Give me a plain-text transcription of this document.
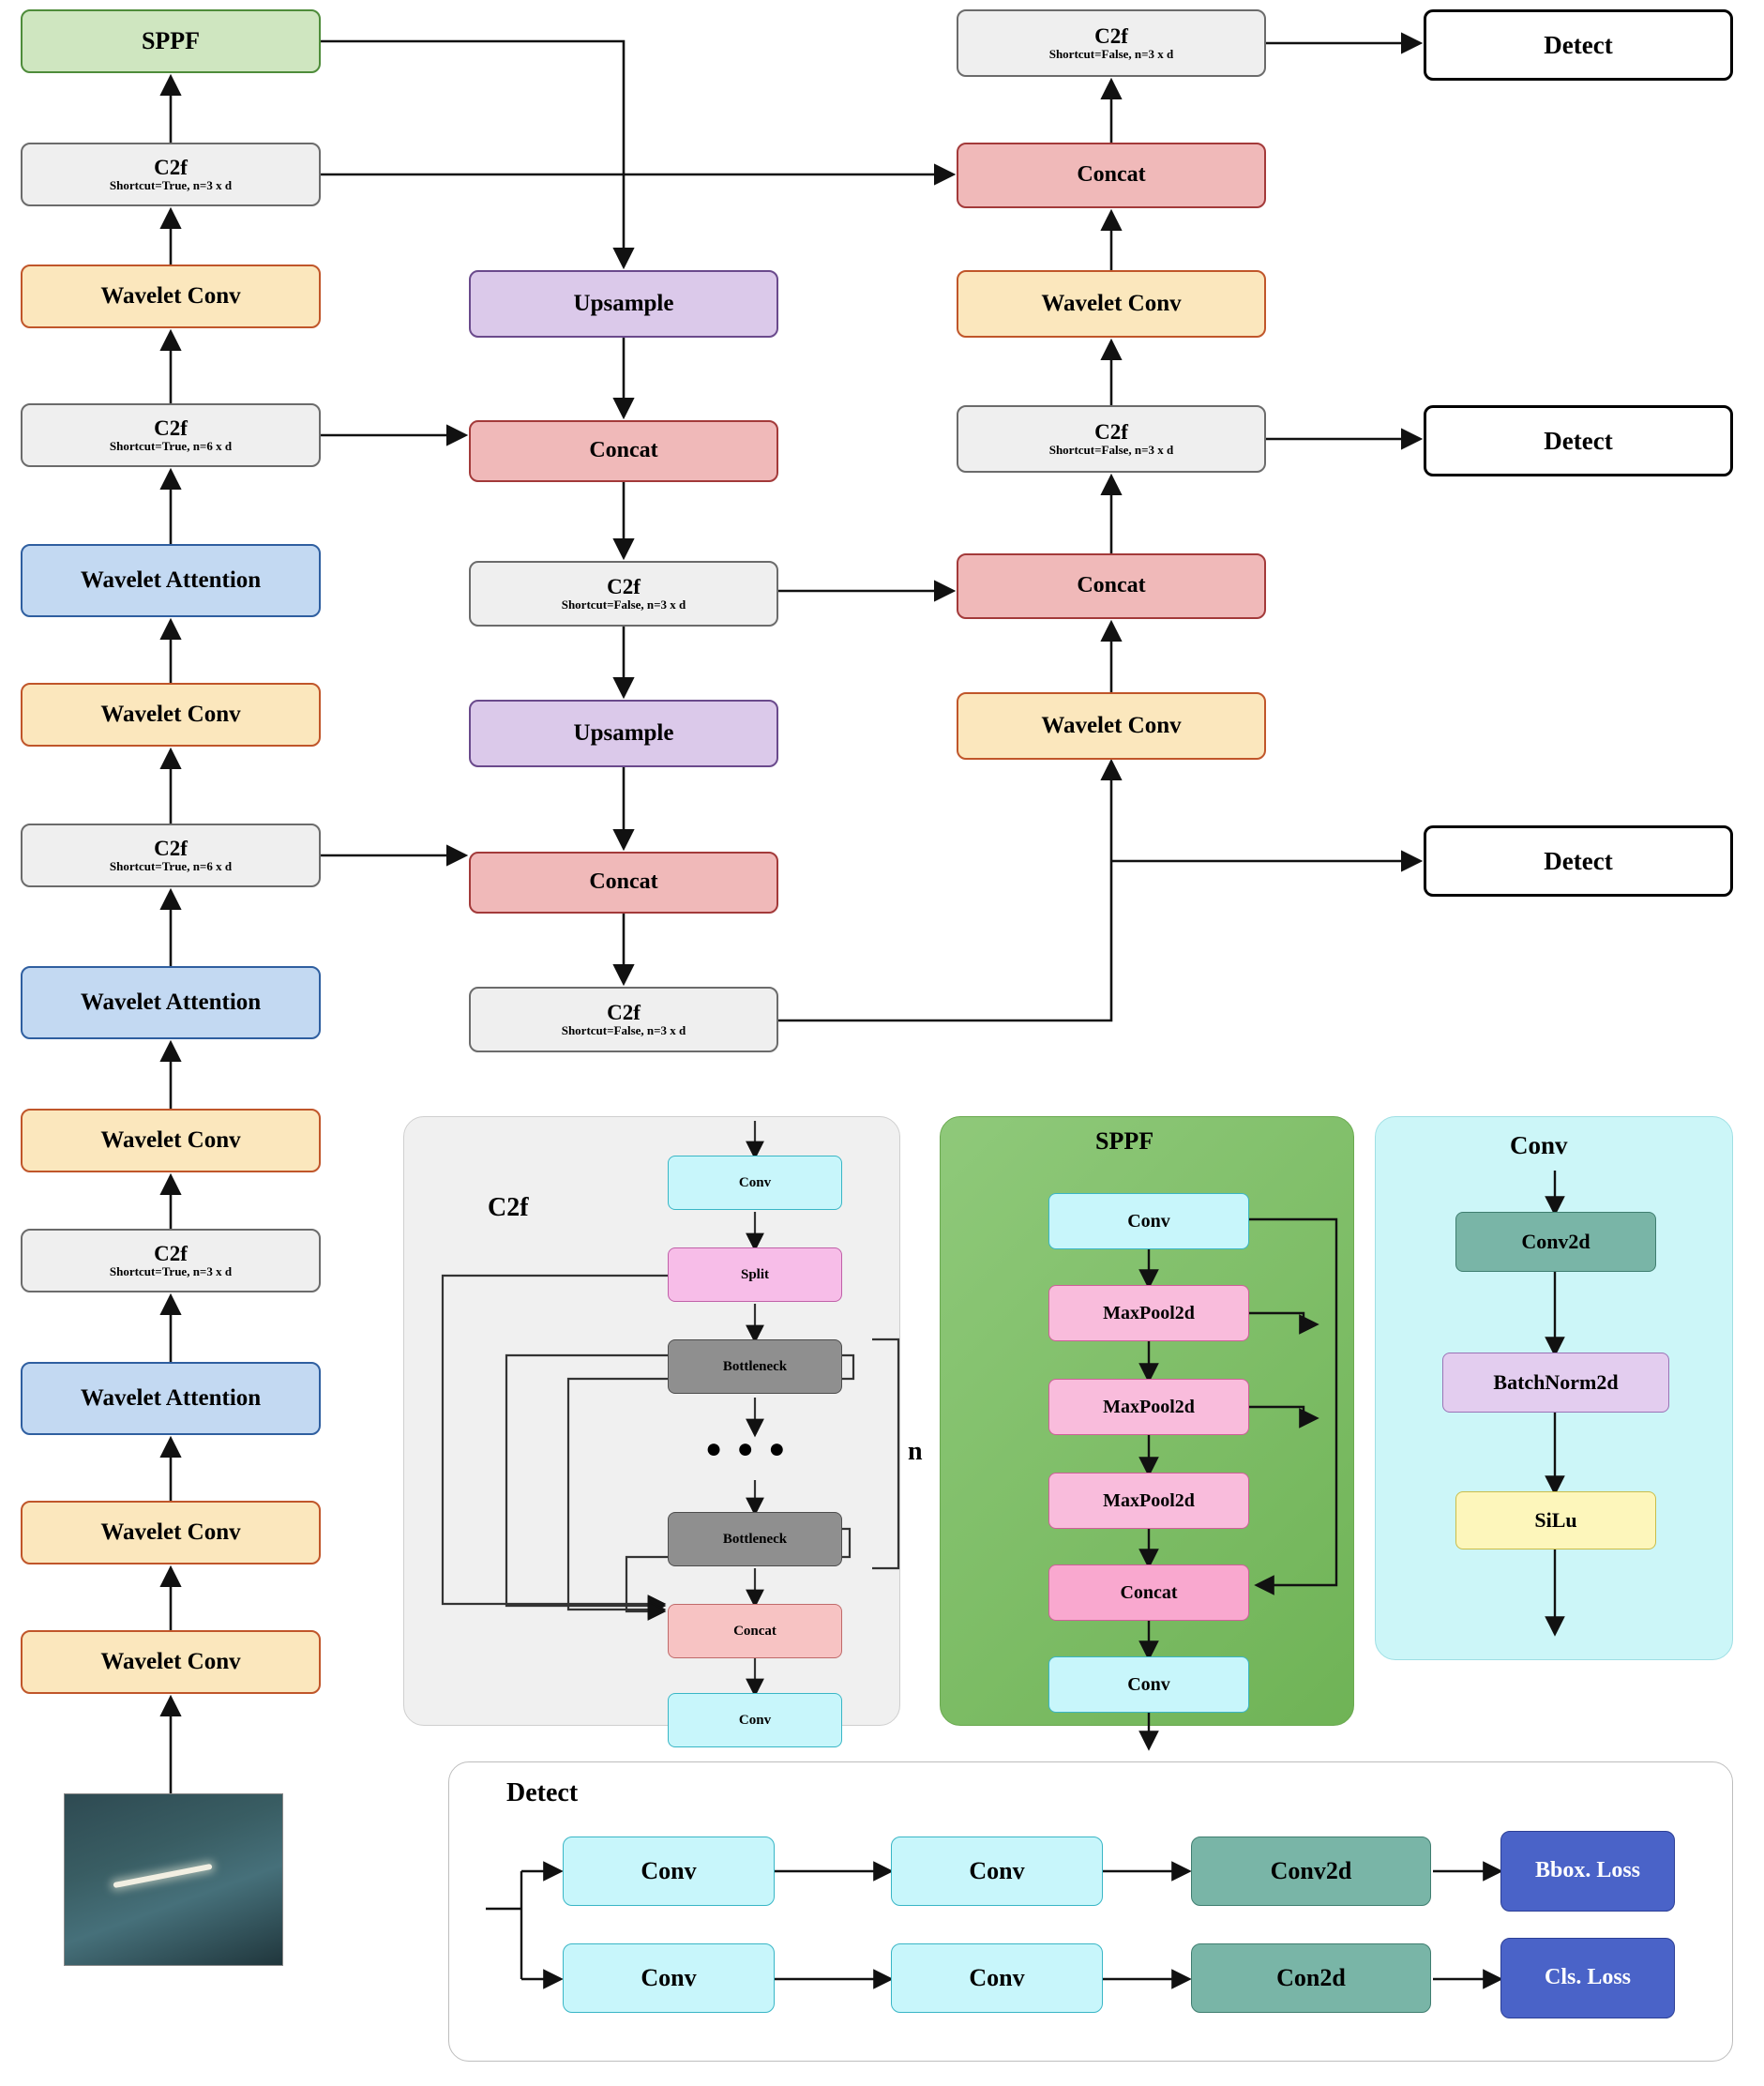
SPPF
C2f
Shortcut=True, n=3 x d
Wavelet Conv
C2f
Shortcut=True, n=6 x d
Wavelet Attention
Wavelet Conv
C2f
Shortcut=True, n=6 x d
Wavelet Attention
Wavelet Conv
C2f
Shortcut=True, n=3 x d
Wavelet Attention
Wavelet Conv
Wavelet Conv
Upsample
Concat
C2f
Shortcut=False, n=3 x d
Upsample
Concat
C2f
Shortcut=False, n=3 x d
C2f
Shortcut=False, n=3 x d
Concat
Wavelet Conv
C2f
Shortcut=False, n=3 x d
Concat
Wavelet Conv
Detect
Detect
Detect
C2f
Conv
Split
Bottleneck
● ● ●
Bottleneck
n
Concat
Conv
SPPF
Conv
MaxPool2d
MaxPool2d
MaxPool2d
Concat
Conv
Conv
Conv2d
BatchNorm2d
SiLu
Detect
Conv	Conv	Conv2d	Bbox. Loss
Conv	Conv	Con2d	Cls. Loss
